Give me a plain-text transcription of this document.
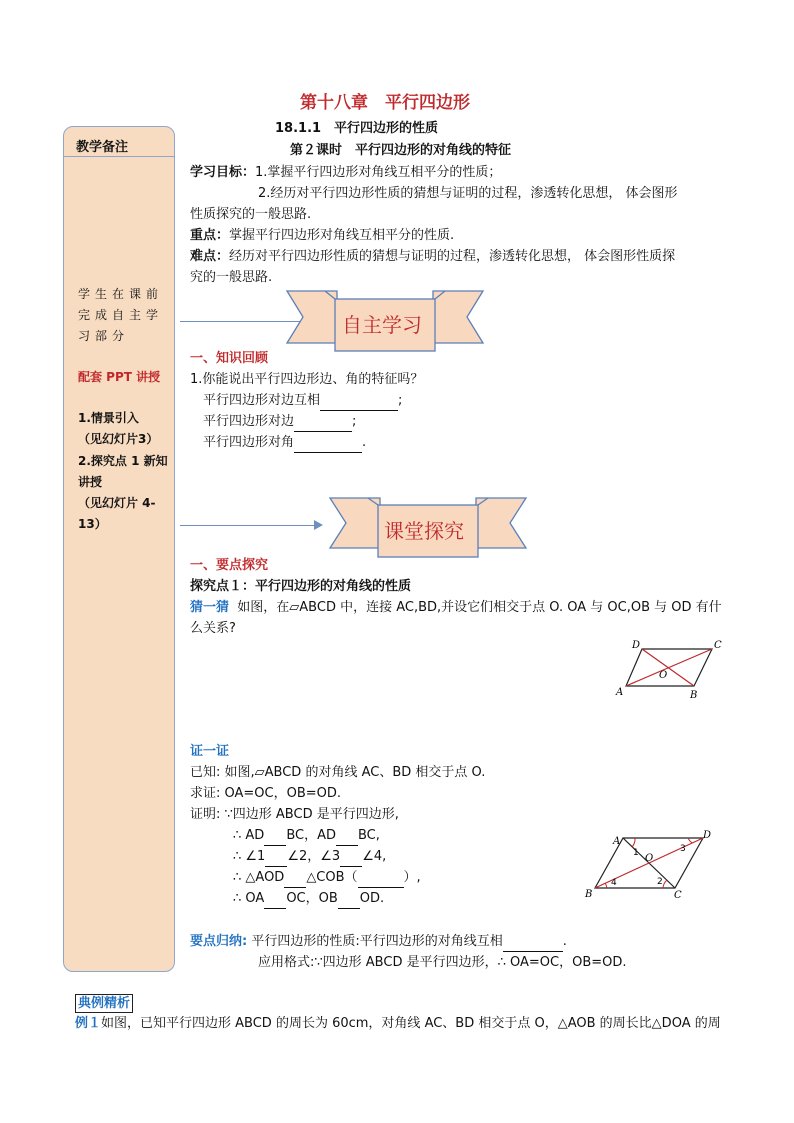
第十八章　平行四边形
教学备注
学生在课前完成自主学习部分
配套 PPT 讲授
1.情景引入
（见幻灯片3）
2.探究点 1 新知讲授
（见幻灯片 4-13）
18.1.1　平行四边形的性质
第２课时　平行四边形的对角线的特征
学习目标：1.掌握平行四边形对角线互相平分的性质；
2.经历对平行四边形性质的猜想与证明的过程，渗透转化思想， 体会图形
性质探究的一般思路.
重点：掌握平行四边形对角线互相平分的性质.
难点：经历对平行四边形性质的猜想与证明的过程，渗透转化思想， 体会图形性质探
究的一般思路.
自主学习
一、知识回顾
1.你能说出平行四边形边、角的特征吗？
平行四边形对边互相	;
平行四边形对边	;
平行四边形对角	.
课堂探究
一、要点探究
探究点１：平行四边形的对角线的性质
猜一猜 如图，在▱ABCD 中，连接 AC,BD,并设它们相交于点 O. OA 与 OC,OB 与 OD 有什
么关系?
A	B
C
D
O
证一证
已知: 如图,▱ABCD 的对角线 AC、BD 相交于点 O.
求证: OA=OC，OB=OD.
证明: ∵四边形 ABCD 是平行四边形,
∴ AD BC，AD BC,
∴ ∠1 ∠2，∠3 ∠4,
∴ △AOD △COB（	）,
∴ OA OC，OB OD.
A
B	C
D
O
1
2
3
4
要点归纳: 平行四边形的性质:平行四边形的对角线互相	.
应用格式:∵四边形 ABCD 是平行四边形，∴ OA=OC，OB=OD.
典例精析
例１如图，已知平行四边形 ABCD 的周长为 60cm，对角线 AC、BD 相交于点 O，△AOB 的周长比△DOA 的周
